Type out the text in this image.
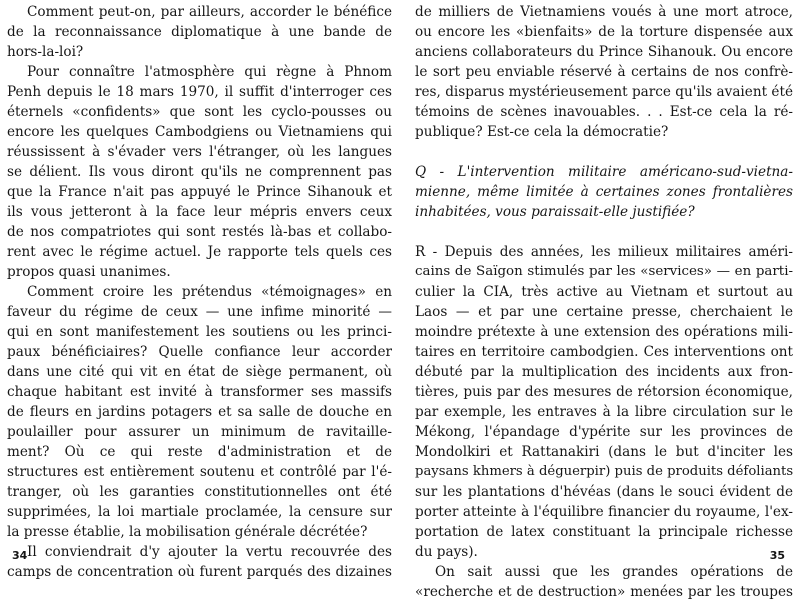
Comment peut-on, par ailleurs, accorder le bénéfice
de la reconnaissance diplomatique à une bande de
hors-la-loi?
Pour connaître l'atmosphère qui règne à Phnom
Penh depuis le 18 mars 1970, il suffit d'interroger ces
éternels «confidents» que sont les cyclo-pousses ou
encore les quelques Cambodgiens ou Vietnamiens qui
réussissent à s'évader vers l'étranger, où les langues
se délient. Ils vous diront qu'ils ne comprennent pas
que la France n'ait pas appuyé le Prince Sihanouk et
ils vous jetteront à la face leur mépris envers ceux
de nos compatriotes qui sont restés là-bas et collabo-
rent avec le régime actuel. Je rapporte tels quels ces
propos quasi unanimes.
Comment croire les prétendus «témoignages» en
faveur du régime de ceux — une infime minorité —
qui en sont manifestement les soutiens ou les princi-
paux bénéficiaires? Quelle confiance leur accorder
dans une cité qui vit en état de siège permanent, où
chaque habitant est invité à transformer ses massifs
de fleurs en jardins potagers et sa salle de douche en
poulailler pour assurer un minimum de ravitaille-
ment? Où ce qui reste d'administration et de
structures est entièrement soutenu et contrôlé par l'é-
tranger, où les garanties constitutionnelles ont été
supprimées, la loi martiale proclamée, la censure sur
la presse établie, la mobilisation générale décrétée?
Il conviendrait d'y ajouter la vertu recouvrée des
camps de concentration où furent parqués des dizaines
34
de milliers de Vietnamiens voués à une mort atroce,
ou encore les «bienfaits» de la torture dispensée aux
anciens collaborateurs du Prince Sihanouk. Ou encore
le sort peu enviable réservé à certains de nos confrè-
res, disparus mystérieusement parce qu'ils avaient été
témoins de scènes inavouables. . . Est-ce cela la ré-
publique? Est-ce cela la démocratie?
Q - L'intervention militaire américano-sud-vietna-
mienne, même limitée à certaines zones frontalières
inhabitées, vous paraissait-elle justifiée?
R - Depuis des années, les milieux militaires améri-
cains de Saïgon stimulés par les «services» — en parti-
culier la CIA, très active au Vietnam et surtout au
Laos — et par une certaine presse, cherchaient le
moindre prétexte à une extension des opérations mili-
taires en territoire cambodgien. Ces interventions ont
débuté par la multiplication des incidents aux fron-
tières, puis par des mesures de rétorsion économique,
par exemple, les entraves à la libre circulation sur le
Mékong, l'épandage d'ypérite sur les provinces de
Mondolkiri et Rattanakiri (dans le but d'inciter les
paysans khmers à déguerpir) puis de produits défoliants
sur les plantations d'hévéas (dans le souci évident de
porter atteinte à l'équilibre financier du royaume, l'ex-
portation de latex constituant la principale richesse
du pays).
On sait aussi que les grandes opérations de
«recherche et de destruction» menées par les troupes
35
